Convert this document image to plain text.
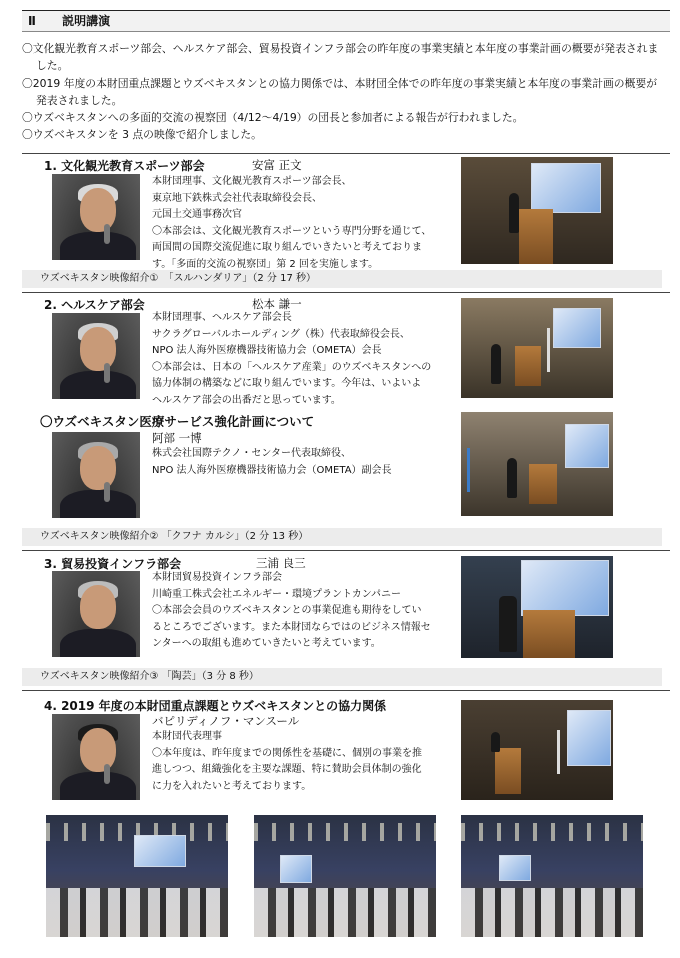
Ⅱ 説明講演

〇文化観光教育スポーツ部会、ヘルスケア部会、貿易投資インフラ部会の昨年度の事業実績と本年度の事業計画の概要が発表されました。

〇2019 年度の本財団重点課題とウズベキスタンとの協力関係では、本財団全体での昨年度の事業実績と本年度の事業計画の概要が発表されました。

〇ウズベキスタンへの多面的交流の視察団（4/12〜4/19）の団長と参加者による報告が行われました。

〇ウズベキスタンを 3 点の映像で紹介しました。

1. 文化観光教育スポーツ部会	安富 正文
本財団理事、文化観光教育スポーツ部会長、
東京地下鉄株式会社代表取締役会長、
元国土交通事務次官
〇本部会は、文化観光教育スポーツという専門分野を通じて、
両国間の国際交流促進に取り組んでいきたいと考えておりま
す。「多面的交流の視察団」第 2 回を実施します。
ウズベキスタン映像紹介①　「スルハンダリア」（2 分 17 秒）
2. ヘルスケア部会	松本 謙一
本財団理事、ヘルスケア部会長
サクラグローバルホールディング（株）代表取締役会長、
NPO 法人海外医療機器技術協力会（OMETA）会長
〇本部会は、日本の「ヘルスケア産業」のウズベキスタンへの
協力体制の構築などに取り組んでいます。今年は、いよいよ
ヘルスケア部会の出番だと思っています。
〇ウズベキスタン医療サービス強化計画について
阿部 一博
株式会社国際テクノ・センター代表取締役、
NPO 法人海外医療機器技術協力会（OMETA）副会長
ウズベキスタン映像紹介② 「クフナ カルシ」（2 分 13 秒）
3. 貿易投資インフラ部会	三浦 良三
本財団貿易投資インフラ部会
川崎重工株式会社エネルギー・環境プラントカンパニー
〇本部会会員のウズベキスタンとの事業促進も期待をしてい
るところでございます。また本財団ならではのビジネス情報セ
ンターへの取組も進めていきたいと考えています。
ウズベキスタン映像紹介③ 「陶芸」（3 分 8 秒）
4. 2019 年度の本財団重点課題とウズベキスタンとの協力関係
バピリディノフ・マンスール
本財団代表理事
〇本年度は、昨年度までの関係性を基礎に、個別の事業を推
進しつつ、組織強化を主要な課題、特に賛助会員体制の強化
に力を入れたいと考えております。
